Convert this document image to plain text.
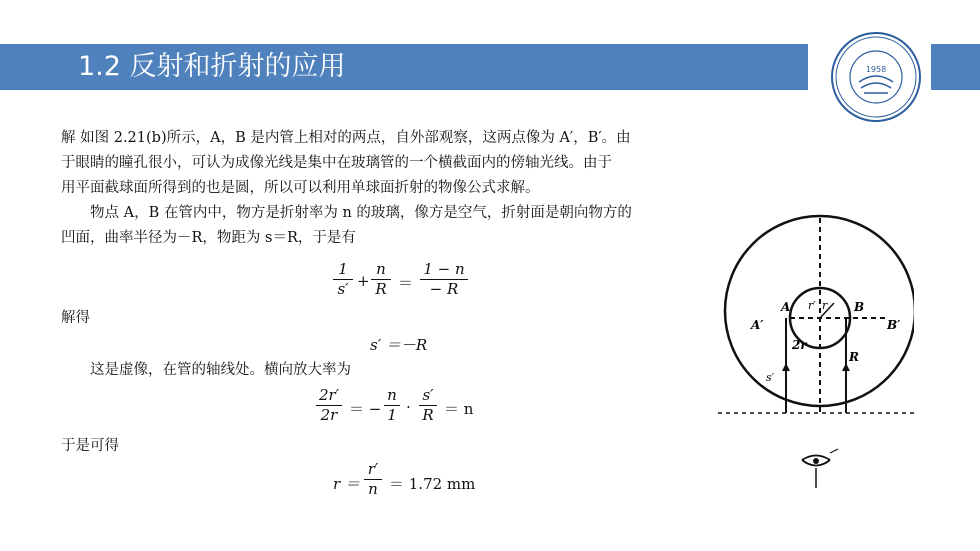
1.2 反射和折射的应用	1958
解 如图 2.21(b)所示，A，B 是内管上相对的两点，自外部观察，这两点像为 A′，B′。由
于眼睛的瞳孔很小，可认为成像光线是集中在玻璃管的一个横截面内的傍轴光线。由于
用平面截球面所得到的也是圆，所以可以利用单球面折射的物像公式求解。
物点 A，B 在管内中，物方是折射率为 n 的玻璃，像方是空气，折射面是朝向物方的
凹面，曲率半径为－R，物距为 s＝R，于是有
1
s′ +
n
R ＝
1 − n
− R
解得
s′ ＝－R
这是虚像，在管的轴线处。横向放大率为
2r′
2r ＝ −
n
1 ·
s′
R ＝ n
于是可得
r ＝
r′
n ＝ 1.72 mm
A	B
A′	B′
r
r′
2r
R
s′
